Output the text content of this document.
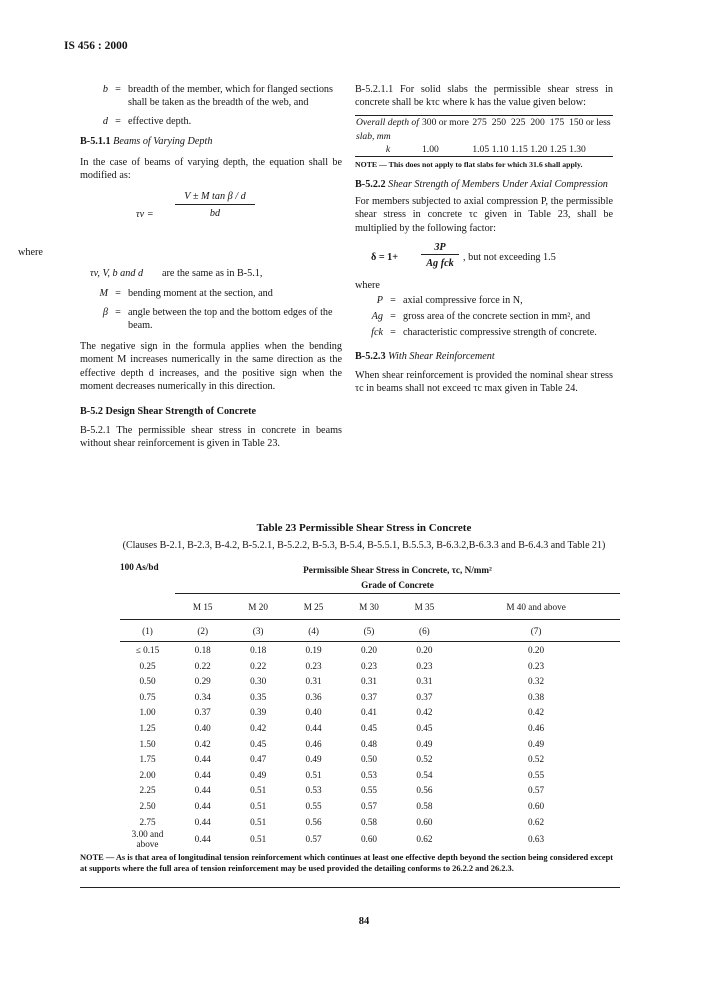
IS 456 : 2000
b = breadth of the member, which for flanged sections shall be taken as the breadth of the web, and
d = effective depth.
B-5.1.1 Beams of Varying Depth

In the case of beams of varying depth, the equation shall be modified as:

$\tau v = \frac{\text{V ± M tan β / d}}{bd}$
where
τv, V, b and d	are the same as in B-5.1,
M = bending moment at the section, and
β = angle between the top and the bottom edges of the beam.

The negative sign in the formula applies when the bending moment M increases numerically in the same direction as the effective depth d increases, and the positive sign when the moment decreases numerically in this direction.

B-5.2 Design Shear Strength of Concrete

B-5.2.1 The permissible shear stress in concrete in beams without shear reinforcement is given in Table 23.

B-5.2.1.1 For solid slabs the permissible shear stress in concrete shall be kτc where k has the value given below:

Overall depth of slab, mm	300 or more	275	250	225	200	175	150 or less
k	1.00	1.05	1.10	1.15	1.20	1.25	1.30
NOTE — This does not apply to flat slabs for which 31.6 shall apply.
B-5.2.2 Shear Strength of Members Under Axial Compression

For members subjected to axial compression P, the permissible shear stress in concrete τc given in Table 23, shall be multiplied by the following factor:

δ = 1+
3P
Ag fck
, but not exceeding 1.5
where
P = axial compressive force in N,
Ag = gross area of the concrete section in mm², and
fck = characteristic compressive strength of concrete.
B-5.2.3 With Shear Reinforcement

When shear reinforcement is provided the nominal shear stress τc in beams shall not exceed τc max given in Table 24.

Table 23 Permissible Shear Stress in Concrete
(Clauses B-2.1, B-2.3, B-4.2, B-5.2.1, B-5.2.2, B-5.3, B-5.4, B-5.5.1, B.5.5.3, B-6.3.2,B-6.3.3 and B-6.4.3 and Table 21)
100 As/bd	Permissible Shear Stress in Concrete, τc, N/mm²					
	Grade of Concrete					
	M 15	M 20	M 25	M 30	M 35	M 40 and above
(1)	(2)	(3)	(4)	(5)	(6)	(7)
≤ 0.15	0.18	0.18	0.19	0.20	0.20	0.20
0.25	0.22	0.22	0.23	0.23	0.23	0.23
0.50	0.29	0.30	0.31	0.31	0.31	0.32
0.75	0.34	0.35	0.36	0.37	0.37	0.38
1.00	0.37	0.39	0.40	0.41	0.42	0.42
1.25	0.40	0.42	0.44	0.45	0.45	0.46
1.50	0.42	0.45	0.46	0.48	0.49	0.49
1.75	0.44	0.47	0.49	0.50	0.52	0.52
2.00	0.44	0.49	0.51	0.53	0.54	0.55
2.25	0.44	0.51	0.53	0.55	0.56	0.57
2.50	0.44	0.51	0.55	0.57	0.58	0.60
2.75	0.44	0.51	0.56	0.58	0.60	0.62
3.00 and above	0.44	0.51	0.57	0.60	0.62	0.63
NOTE — As is that area of longitudinal tension reinforcement which continues at least one effective depth beyond the section being considered except at supports where the full area of tension reinforcement may be used provided the detailing conforms to 26.2.2 and 26.2.3.
84
